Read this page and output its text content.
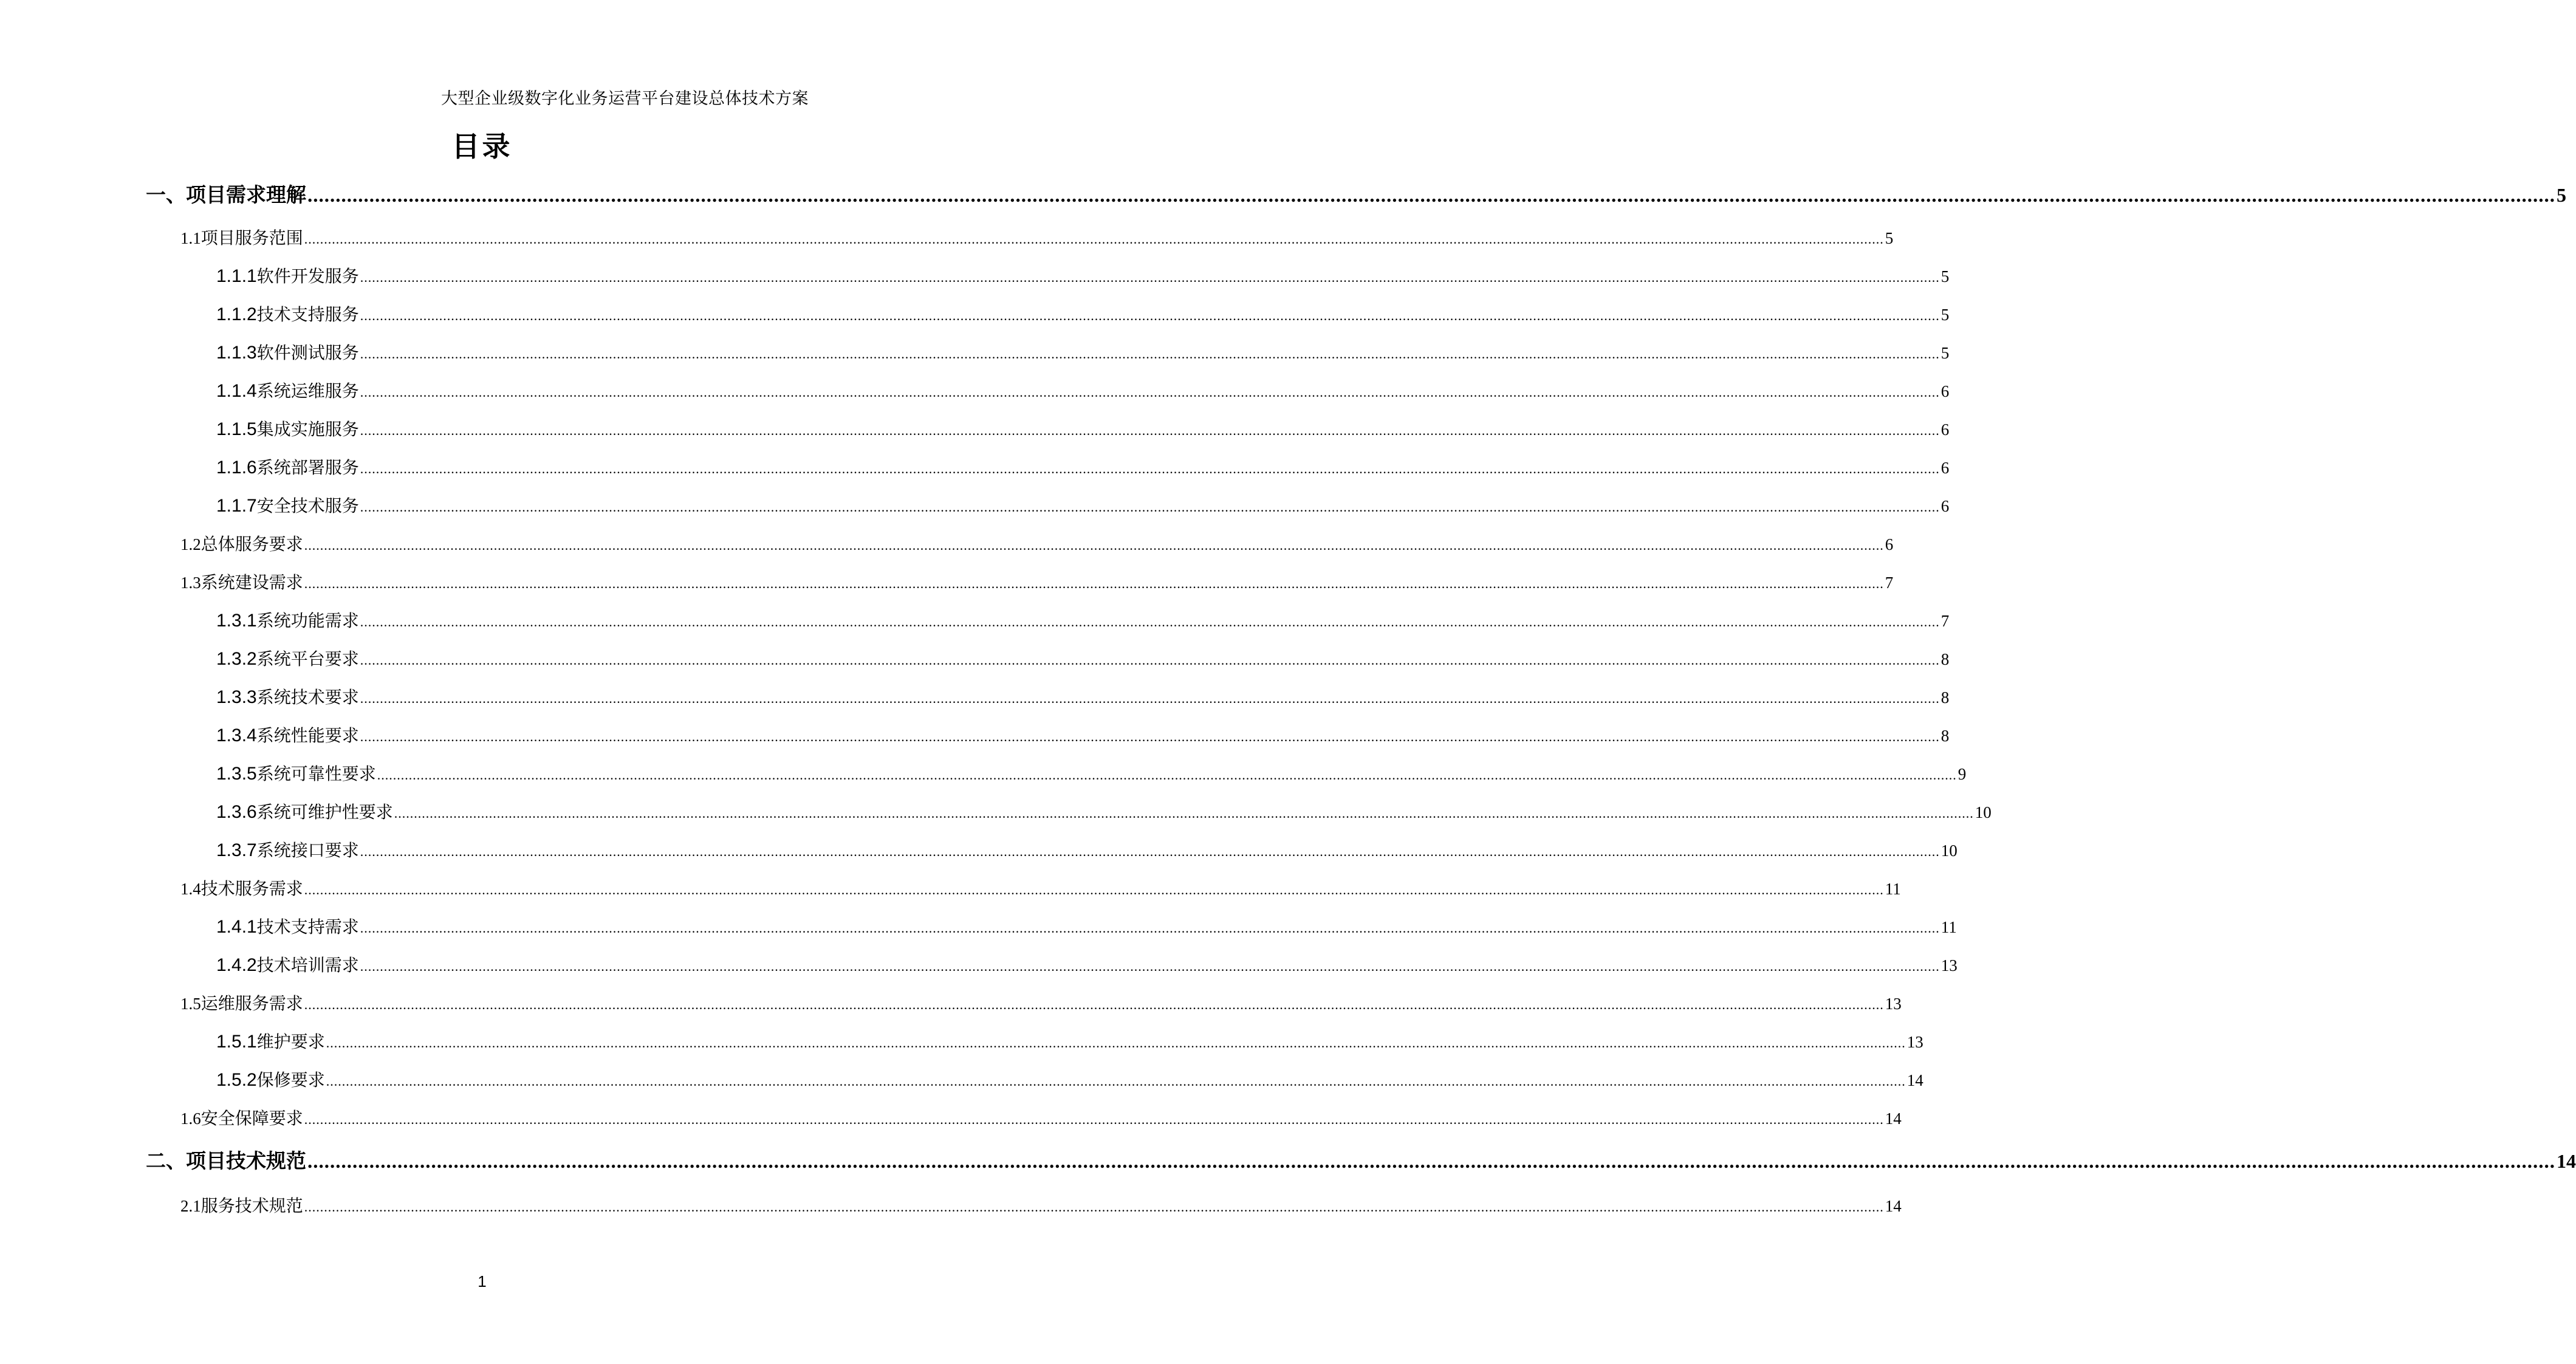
大型企业级数字化业务运营平台建设总体技术方案
目录
一、 项目需求理解 ................................................................................................................................................................................................................................................................................................................................................................................................................ 5
1.1 项目服务范围 ................................................................................................................................................................................................................................................................................................................................................................................................................ 5
1.1.1 软件开发服务 ................................................................................................................................................................................................................................................................................................................................................................................................................ 5
1.1.2 技术支持服务 ................................................................................................................................................................................................................................................................................................................................................................................................................ 5
1.1.3 软件测试服务 ................................................................................................................................................................................................................................................................................................................................................................................................................ 5
1.1.4 系统运维服务 ................................................................................................................................................................................................................................................................................................................................................................................................................ 6
1.1.5 集成实施服务 ................................................................................................................................................................................................................................................................................................................................................................................................................ 6
1.1.6 系统部署服务 ................................................................................................................................................................................................................................................................................................................................................................................................................ 6
1.1.7 安全技术服务 ................................................................................................................................................................................................................................................................................................................................................................................................................ 6
1.2 总体服务要求 ................................................................................................................................................................................................................................................................................................................................................................................................................ 6
1.3 系统建设需求 ................................................................................................................................................................................................................................................................................................................................................................................................................ 7
1.3.1 系统功能需求 ................................................................................................................................................................................................................................................................................................................................................................................................................ 7
1.3.2 系统平台要求 ................................................................................................................................................................................................................................................................................................................................................................................................................ 8
1.3.3 系统技术要求 ................................................................................................................................................................................................................................................................................................................................................................................................................ 8
1.3.4 系统性能要求 ................................................................................................................................................................................................................................................................................................................................................................................................................ 8
1.3.5 系统可靠性要求 ................................................................................................................................................................................................................................................................................................................................................................................................................ 9
1.3.6 系统可维护性要求 ................................................................................................................................................................................................................................................................................................................................................................................................................ 10
1.3.7 系统接口要求 ................................................................................................................................................................................................................................................................................................................................................................................................................ 10
1.4 技术服务需求 ................................................................................................................................................................................................................................................................................................................................................................................................................ 11
1.4.1 技术支持需求 ................................................................................................................................................................................................................................................................................................................................................................................................................ 11
1.4.2 技术培训需求 ................................................................................................................................................................................................................................................................................................................................................................................................................ 13
1.5 运维服务需求 ................................................................................................................................................................................................................................................................................................................................................................................................................ 13
1.5.1 维护要求 ................................................................................................................................................................................................................................................................................................................................................................................................................ 13
1.5.2 保修要求 ................................................................................................................................................................................................................................................................................................................................................................................................................ 14
1.6 安全保障要求 ................................................................................................................................................................................................................................................................................................................................................................................................................ 14
二、 项目技术规范 ................................................................................................................................................................................................................................................................................................................................................................................................................ 14
2.1 服务技术规范 ................................................................................................................................................................................................................................................................................................................................................................................................................ 14
1
